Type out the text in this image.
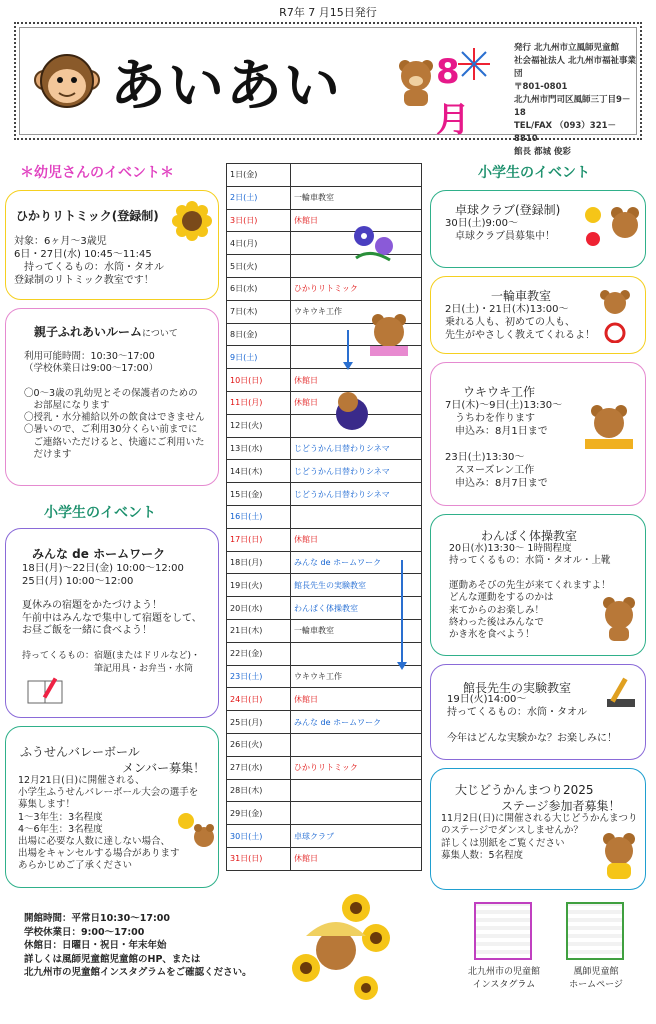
R7年 7 月15日発行
あいあい	8月
発行 北九州市立風師児童館
社会福祉法人 北九州市福祉事業団
〒801-0801
北九州市門司区風師三丁目9－18
TEL/FAX （093）321－8810
館長 都城 俊彩
＊幼児さんのイベント＊
ひかりリトミック(登録制)
対象：6ヶ月～3歳児
6日・27日(水) 10:45～11:45
　持ってくるもの：水筒・タオル
登録制のリトミック教室です！
親子ふれあいルームについて
利用可能時間：10:30～17:00
（学校休業日は9:00～17:00）
〇0～3歳の乳幼児とその保護者のための
　お部屋になります
〇授乳・水分補給以外の飲食はできません
〇暑いので、ご利用30分くらい前までに
　ご連絡いただけると、快適にご利用いた
　だけます
小学生のイベント
みんな de ホームワーク
18日(月)～22日(金) 10:00～12:00
25日(月) 10:00～12:00
夏休みの宿題をかたづけよう！
午前中はみんなで集中して宿題をして、
お昼ご飯を一緒に食べよう！
持ってくるもの：宿題(またはドリルなど)・
　　　　　　　　筆記用具・お弁当・水筒
ふうせんバレーボール
メンバー募集！
12月21日(日)に開催される、
小学生ふうせんバレーボール大会の選手を
募集します！
1～3年生：3名程度
4～6年生：3名程度
出場に必要な人数に達しない場合、
出場をキャンセルする場合があります
あらかじめご了承ください
1日(金)	
2日(土)	一輪車教室
3日(日)	休館日
4日(月)	
5日(火)	
6日(水)	ひかりリトミック
7日(木)	ウキウキ工作
8日(金)	
9日(土)	
10日(日)	休館日
11日(月)	休館日
12日(火)	
13日(水)	じどうかん日替わりシネマ
14日(木)	じどうかん日替わりシネマ
15日(金)	じどうかん日替わりシネマ
16日(土)	
17日(日)	休館日
18日(月)	みんな de ホームワーク
19日(火)	館長先生の実験教室
20日(水)	わんぱく体操教室
21日(木)	一輪車教室
22日(金)	
23日(土)	ウキウキ工作
24日(日)	休館日
25日(月)	みんな de ホームワーク
26日(火)	
27日(水)	ひかりリトミック
28日(木)	
29日(金)	
30日(土)	卓球クラブ
31日(日)	休館日
小学生のイベント
卓球クラブ(登録制)
30日(土)9:00～
　卓球クラブ員募集中！
一輪車教室
2日(土)・21日(木)13:00～
乗れる人も、初めての人も、
先生がやさしく教えてくれるよ！
ウキウキ工作
7日(木)～9日(土)13:30～
　うちわを作ります
　申込み：8月1日まで
23日(土)13:30～
　スヌーズレン工作
　申込み：8月7日まで
わんぱく体操教室
20日(水)13:30～ 1時間程度
持ってくるもの：水筒・タオル・上靴
運動あそびの先生が来てくれますよ！
どんな運動をするのかは
来てからのお楽しみ！
終わった後はみんなで
かき氷を食べよう！
館長先生の実験教室
19日(火)14:00～
持ってくるもの：水筒・タオル
今年はどんな実験かな？お楽しみに！
大じどうかんまつり2025
ステージ参加者募集！
11月2日(日)に開催される大じどうかんまつり
のステージでダンスしませんか？
詳しくは別紙をご覧ください
募集人数：5名程度
開館時間：平常日10:30～17:00
学校休業日：9:00～17:00
休館日：日曜日・祝日・年末年始
詳しくは風師児童館児童館のHP、または
北九州市の児童館インスタグラムをご確認ください。	北九州市の児童館
インスタグラム
風師児童館
ホームページ
